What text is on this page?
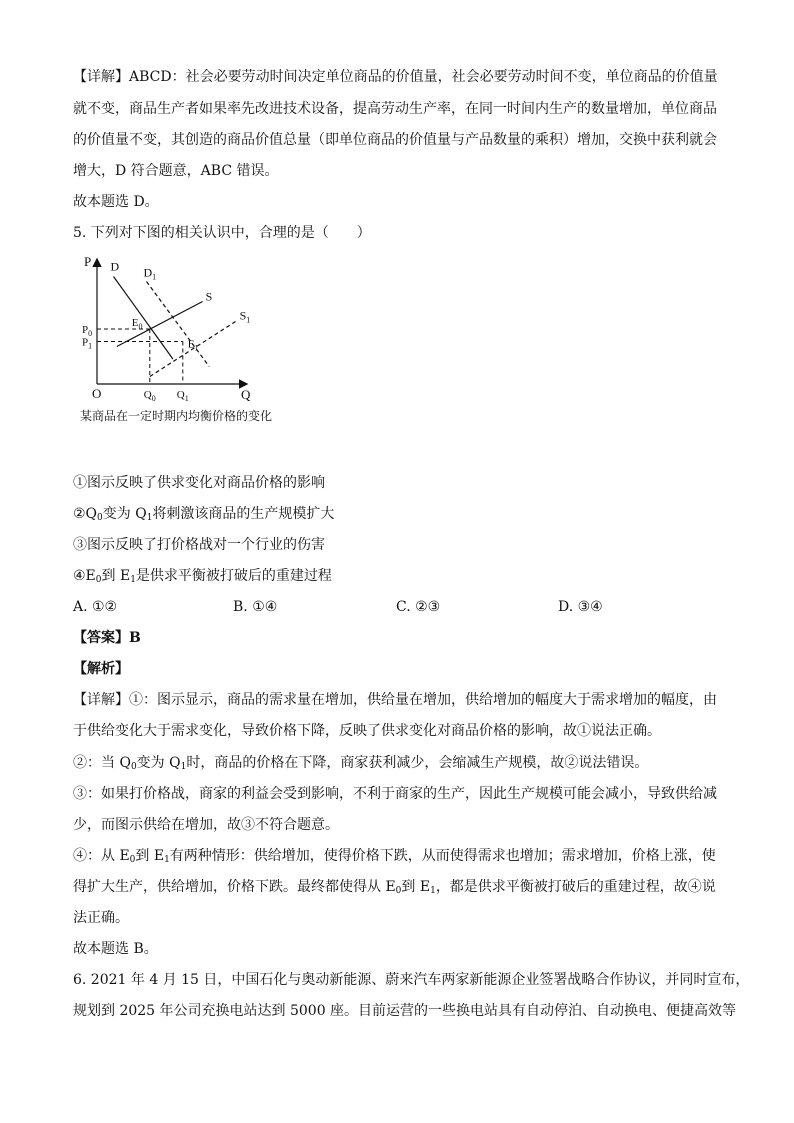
【详解】ABCD：社会必要劳动时间决定单位商品的价值量，社会必要劳动时间不变，单位商品的价值量
就不变，商品生产者如果率先改进技术设备，提高劳动生产率，在同一时间内生产的数量增加，单位商品
的价值量不变，其创造的商品价值总量（即单位商品的价值量与产品数量的乘积）增加，交换中获利就会
增大，D 符合题意，ABC 错误。
故本题选 D。
5. 下列对下图的相关认识中，合理的是（　　）
P
Q
O
D $D_1$
S
$S_1$
$E_0$
$E_1$
$P_0$
$P_1$
$Q_0$ $Q_1$
某商品在一定时期内均衡价格的变化
①图示反映了供求变化对商品价格的影响
$②Q_0$变为 $Q_1$将刺激该商品的生产规模扩大
③图示反映了打价格战对一个行业的伤害
$④E_0$到 $E_1$是供求平衡被打破后的重建过程
A. ①②	B. ①④	C. ②③	D. ③④
【答案】B
【解析】
【详解】①：图示显示，商品的需求量在增加，供给量在增加，供给增加的幅度大于需求增加的幅度，由
于供给变化大于需求变化，导致价格下降，反映了供求变化对商品价格的影响，故①说法正确。
②：当 $Q_0$变为 $Q_1$时，商品的价格在下降，商家获利减少，会缩减生产规模，故②说法错误。
③：如果打价格战，商家的利益会受到影响，不利于商家的生产，因此生产规模可能会减小，导致供给减
少，而图示供给在增加，故③不符合题意。
④：从 $E_0$到 $E_1$有两种情形：供给增加，使得价格下跌，从而使得需求也增加；需求增加，价格上涨，使
得扩大生产，供给增加，价格下跌。最终都使得从 $E_0$到 $E_1$，都是供求平衡被打破后的重建过程，故④说
法正确。
故本题选 B。
6. 2021 年 4 月 15 日，中国石化与奥动新能源、蔚来汽车两家新能源企业签署战略合作协议，并同时宣布，
规划到 2025 年公司充换电站达到 5000 座。目前运营的一些换电站具有自动停泊、自动换电、便捷高效等
